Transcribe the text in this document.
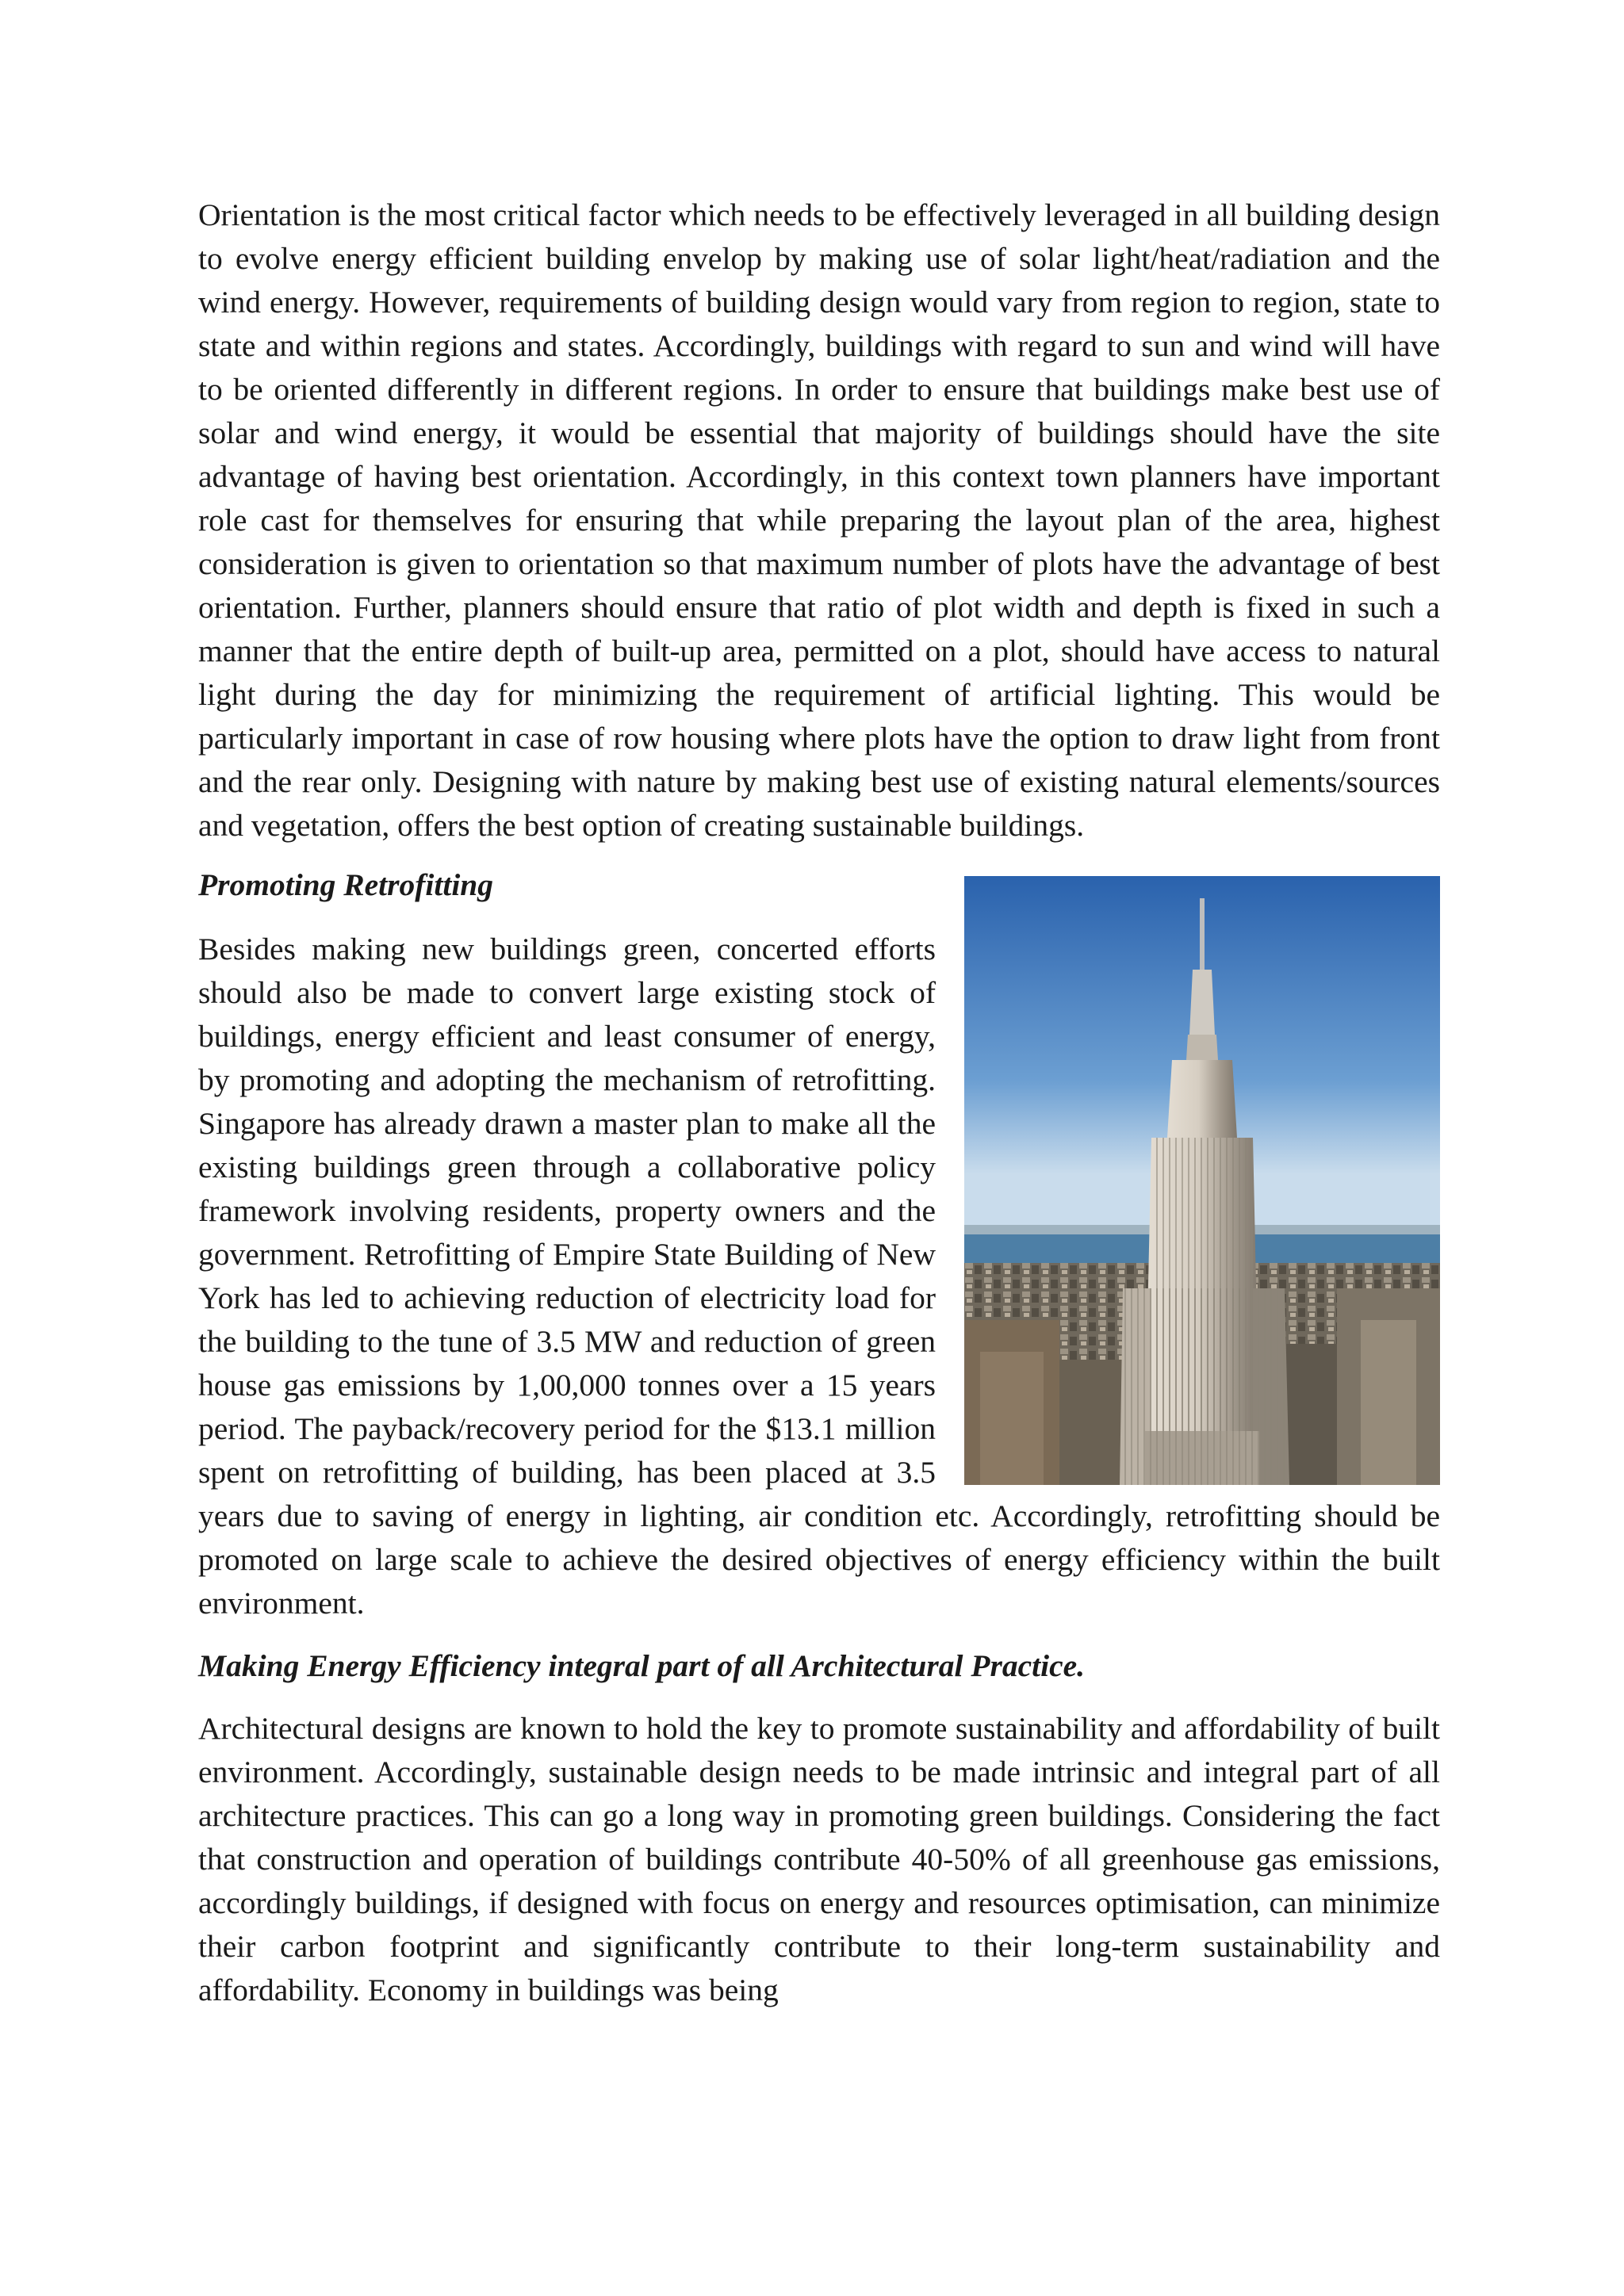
Orientation is the most critical factor which needs to be effectively leveraged in all building design to evolve energy efficient building envelop by making use of solar light/heat/radiation and the wind energy. However, requirements of building design would vary from region to region, state to state and within regions and states. Accordingly, buildings with regard to sun and wind will have to be oriented differently in different regions. In order to ensure that buildings make best use of solar and wind energy, it would be essential that majority of buildings should have the site advantage of having best orientation. Accordingly, in this context town planners have important role cast for themselves for ensuring that while preparing the layout plan of the area, highest consideration is given to orientation so that maximum number of plots have the advantage of best orientation. Further, planners should ensure that ratio of plot width and depth is fixed in such a manner that the entire depth of built-up area, permitted on a plot, should have access to natural light during the day for minimizing the requirement of artificial lighting. This would be particularly important in case of row housing where plots have the option to draw light from front and the rear only. Designing with nature by making best use of existing natural elements/sources and vegetation, offers the best option of creating sustainable buildings.

Promoting Retrofitting

Besides making new buildings green, concerted efforts should also be made to convert large existing stock of buildings, energy efficient and least consumer of energy, by promoting and adopting the mechanism of retrofitting. Singapore has already drawn a master plan to make all the existing buildings green through a collaborative policy framework involving residents, property owners and the government. Retrofitting of Empire State Building of New York has led to achieving reduction of electricity load for the building to the tune of 3.5 MW and reduction of green house gas emissions by 1,00,000 tonnes over a 15 years period. The payback/recovery period for the $13.1 million spent on retrofitting of building, has been placed at 3.5 years due to saving of energy in lighting, air condition etc. Accordingly, retrofitting should be promoted on large scale to achieve the desired objectives of energy efficiency within the built environment.

Making Energy Efficiency integral part of all Architectural Practice.

Architectural designs are known to hold the key to promote sustainability and affordability of built environment. Accordingly, sustainable design needs to be made intrinsic and integral part of all architecture practices. This can go a long way in promoting green buildings. Considering the fact that construction and operation of buildings contribute 40-50% of all greenhouse gas emissions, accordingly buildings, if designed with focus on energy and resources optimisation, can minimize their carbon footprint and significantly contribute to their long-term sustainability and affordability. Economy in buildings was being
